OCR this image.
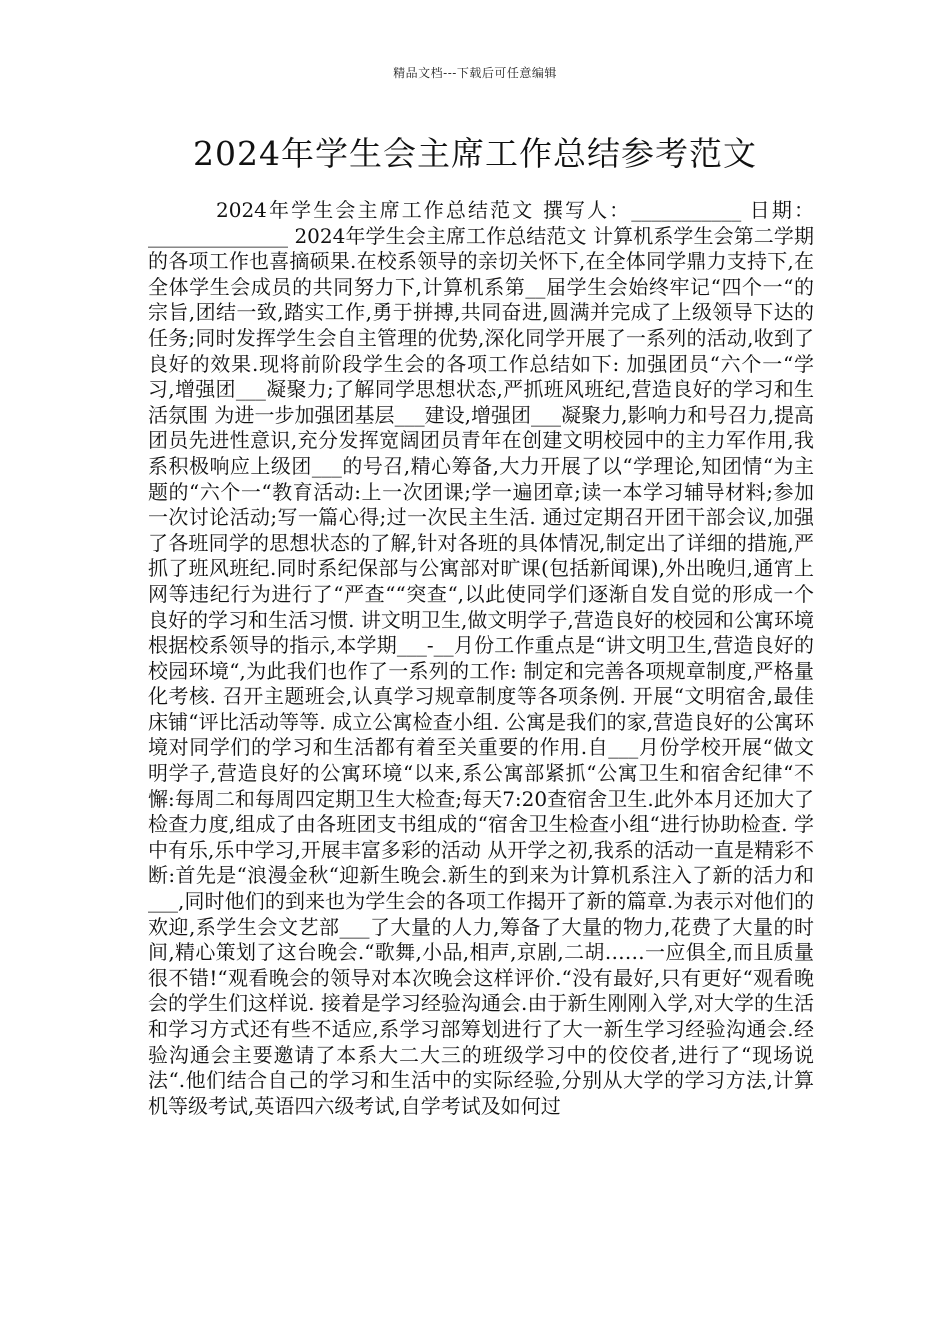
精品文档---下载后可任意编辑
2024年学生会主席工作总结参考范文

2024年学生会主席工作总结范文 撰写人：___________ 日期：______________ 2024年学生会主席工作总结范文 计算机系学生会第二学期的各项工作也喜摘硕果.在校系领导的亲切关怀下,在全体同学鼎力支持下,在全体学生会成员的共同努力下,计算机系第__届学生会始终牢记“四个一“的宗旨,团结一致,踏实工作,勇于拼搏,共同奋进,圆满并完成了上级领导下达的任务;同时发挥学生会自主管理的优势,深化同学开展了一系列的活动,收到了良好的效果.现将前阶段学生会的各项工作总结如下: 加强团员“六个一“学习,增强团___凝聚力;了解同学思想状态,严抓班风班纪,营造良好的学习和生活氛围 为进一步加强团基层___建设,增强团___凝聚力,影响力和号召力,提高团员先进性意识,充分发挥宽阔团员青年在创建文明校园中的主力军作用,我系积极响应上级团___的号召,精心筹备,大力开展了以“学理论,知团情“为主题的“六个一“教育活动:上一次团课;学一遍团章;读一本学习辅导材料;参加一次讨论活动;写一篇心得;过一次民主生活. 通过定期召开团干部会议,加强了各班同学的思想状态的了解,针对各班的具体情况,制定出了详细的措施,严抓了班风班纪.同时系纪保部与公寓部对旷课(包括新闻课),外出晚归,通宵上网等违纪行为进行了“严查““突查“,以此使同学们逐渐自发自觉的形成一个良好的学习和生活习惯. 讲文明卫生,做文明学子,营造良好的校园和公寓环境 根据校系领导的指示,本学期___-__月份工作重点是“讲文明卫生,营造良好的校园环境“,为此我们也作了一系列的工作: 制定和完善各项规章制度,严格量化考核. 召开主题班会,认真学习规章制度等各项条例. 开展“文明宿舍,最佳床铺“评比活动等等. 成立公寓检查小组. 公寓是我们的家,营造良好的公寓环境对同学们的学习和生活都有着至关重要的作用.自___月份学校开展“做文明学子,营造良好的公寓环境“以来,系公寓部紧抓“公寓卫生和宿舍纪律“不懈:每周二和每周四定期卫生大检查;每天7:20查宿舍卫生.此外本月还加大了检查力度,组成了由各班团支书组成的“宿舍卫生检查小组“进行协助检查. 学中有乐,乐中学习,开展丰富多彩的活动 从开学之初,我系的活动一直是精彩不断:首先是“浪漫金秋“迎新生晚会.新生的到来为计算机系注入了新的活力和___,同时他们的到来也为学生会的各项工作揭开了新的篇章.为表示对他们的欢迎,系学生会文艺部___了大量的人力,筹备了大量的物力,花费了大量的时间,精心策划了这台晚会.“歌舞,小品,相声,京剧,二胡……一应俱全,而且质量很不错!“观看晚会的领导对本次晚会这样评价.“没有最好,只有更好“观看晚会的学生们这样说. 接着是学习经验沟通会.由于新生刚刚入学,对大学的生活和学习方式还有些不适应,系学习部筹划进行了大一新生学习经验沟通会.经验沟通会主要邀请了本系大二大三的班级学习中的佼佼者,进行了“现场说法“.他们结合自己的学习和生活中的实际经验,分别从大学的学习方法,计算机等级考试,英语四六级考试,自学考试及如何过
